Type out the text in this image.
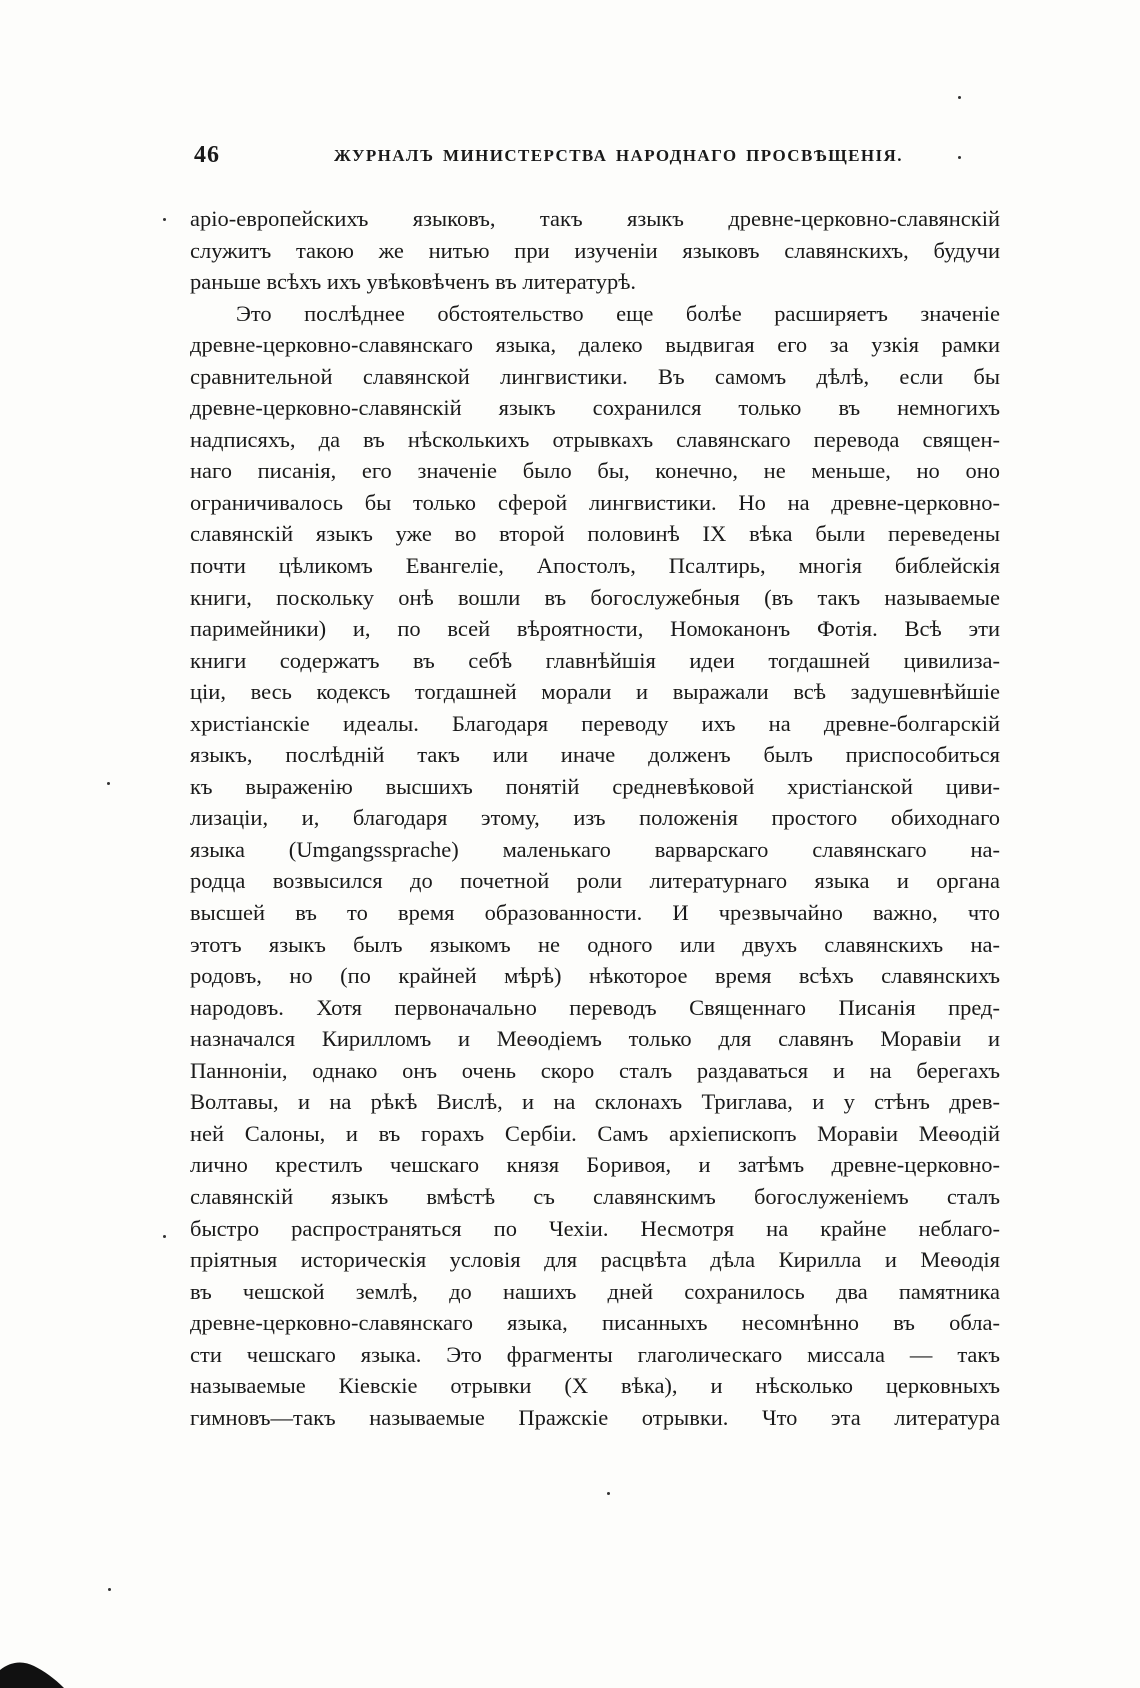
46	ЖУРНАЛЪ МИНИСТЕРСТВА НАРОДНАГО ПРОСВѢЩЕНІЯ.
аріо-европейскихъ языковъ, такъ языкъ древне-церковно-славянскій
служитъ такою же нитью при изученіи языковъ славянскихъ, будучи
раньше всѣхъ ихъ увѣковѣченъ въ литературѣ.
Это послѣднее обстоятельство еще болѣе расширяетъ значеніе
древне-церковно-славянскаго языка, далеко выдвигая его за узкія рамки
сравнительной славянской лингвистики. Въ самомъ дѣлѣ, если бы
древне-церковно-славянскій языкъ сохранился только въ немногихъ
надписяхъ, да въ нѣсколькихъ отрывкахъ славянскаго перевода священ-
наго писанія, его значеніе было бы, конечно, не меньше, но оно
ограничивалось бы только сферой лингвистики. Но на древне-церковно-
славянскій языкъ уже во второй половинѣ IX вѣка были переведены
почти цѣликомъ Евангеліе, Апостолъ, Псалтирь, многія библейскія
книги, поскольку онѣ вошли въ богослужебныя (въ такъ называемые
паримейники) и, по всей вѣроятности, Номоканонъ Фотія. Всѣ эти
книги содержатъ въ себѣ главнѣйшія идеи тогдашней цивилиза-
ціи, весь кодексъ тогдашней морали и выражали всѣ задушевнѣйшіе
христіанскіе идеалы. Благодаря переводу ихъ на древне-болгарскій
языкъ, послѣдній такъ или иначе долженъ былъ приспособиться
къ выраженію высшихъ понятій средневѣковой христіанской циви-
лизаціи, и, благодаря этому, изъ положенія простого обиходнаго
языка (Umgangssprache) маленькаго варварскаго славянскаго на-
родца возвысился до почетной роли литературнаго языка и органа
высшей въ то время образованности. И чрезвычайно важно, что
этотъ языкъ былъ языкомъ не одного или двухъ славянскихъ на-
родовъ, но (по крайней мѣрѣ) нѣкоторое время всѣхъ славянскихъ
народовъ. Хотя первоначально переводъ Священнаго Писанія пред-
назначался Кирилломъ и Меѳодіемъ только для славянъ Моравіи и
Панноніи, однако онъ очень скоро сталъ раздаваться и на берегахъ
Волтавы, и на рѣкѣ Вислѣ, и на склонахъ Триглава, и у стѣнъ древ-
ней Салоны, и въ горахъ Сербіи. Самъ архіепископъ Моравіи Меѳодій
лично крестилъ чешскаго князя Боривоя, и затѣмъ древне-церковно-
славянскій языкъ вмѣстѣ съ славянскимъ богослуженіемъ сталъ
быстро распространяться по Чехіи. Несмотря на крайне неблаго-
пріятныя историческія условія для расцвѣта дѣла Кирилла и Меѳодія
въ чешской землѣ, до нашихъ дней сохранилось два памятника
древне-церковно-славянскаго языка, писанныхъ несомнѣнно въ обла-
сти чешскаго языка. Это фрагменты глаголическаго миссала — такъ
называемые Кіевскіе отрывки (X вѣка), и нѣсколько церковныхъ
гимновъ—такъ называемые Пражскіе отрывки. Что эта литература
